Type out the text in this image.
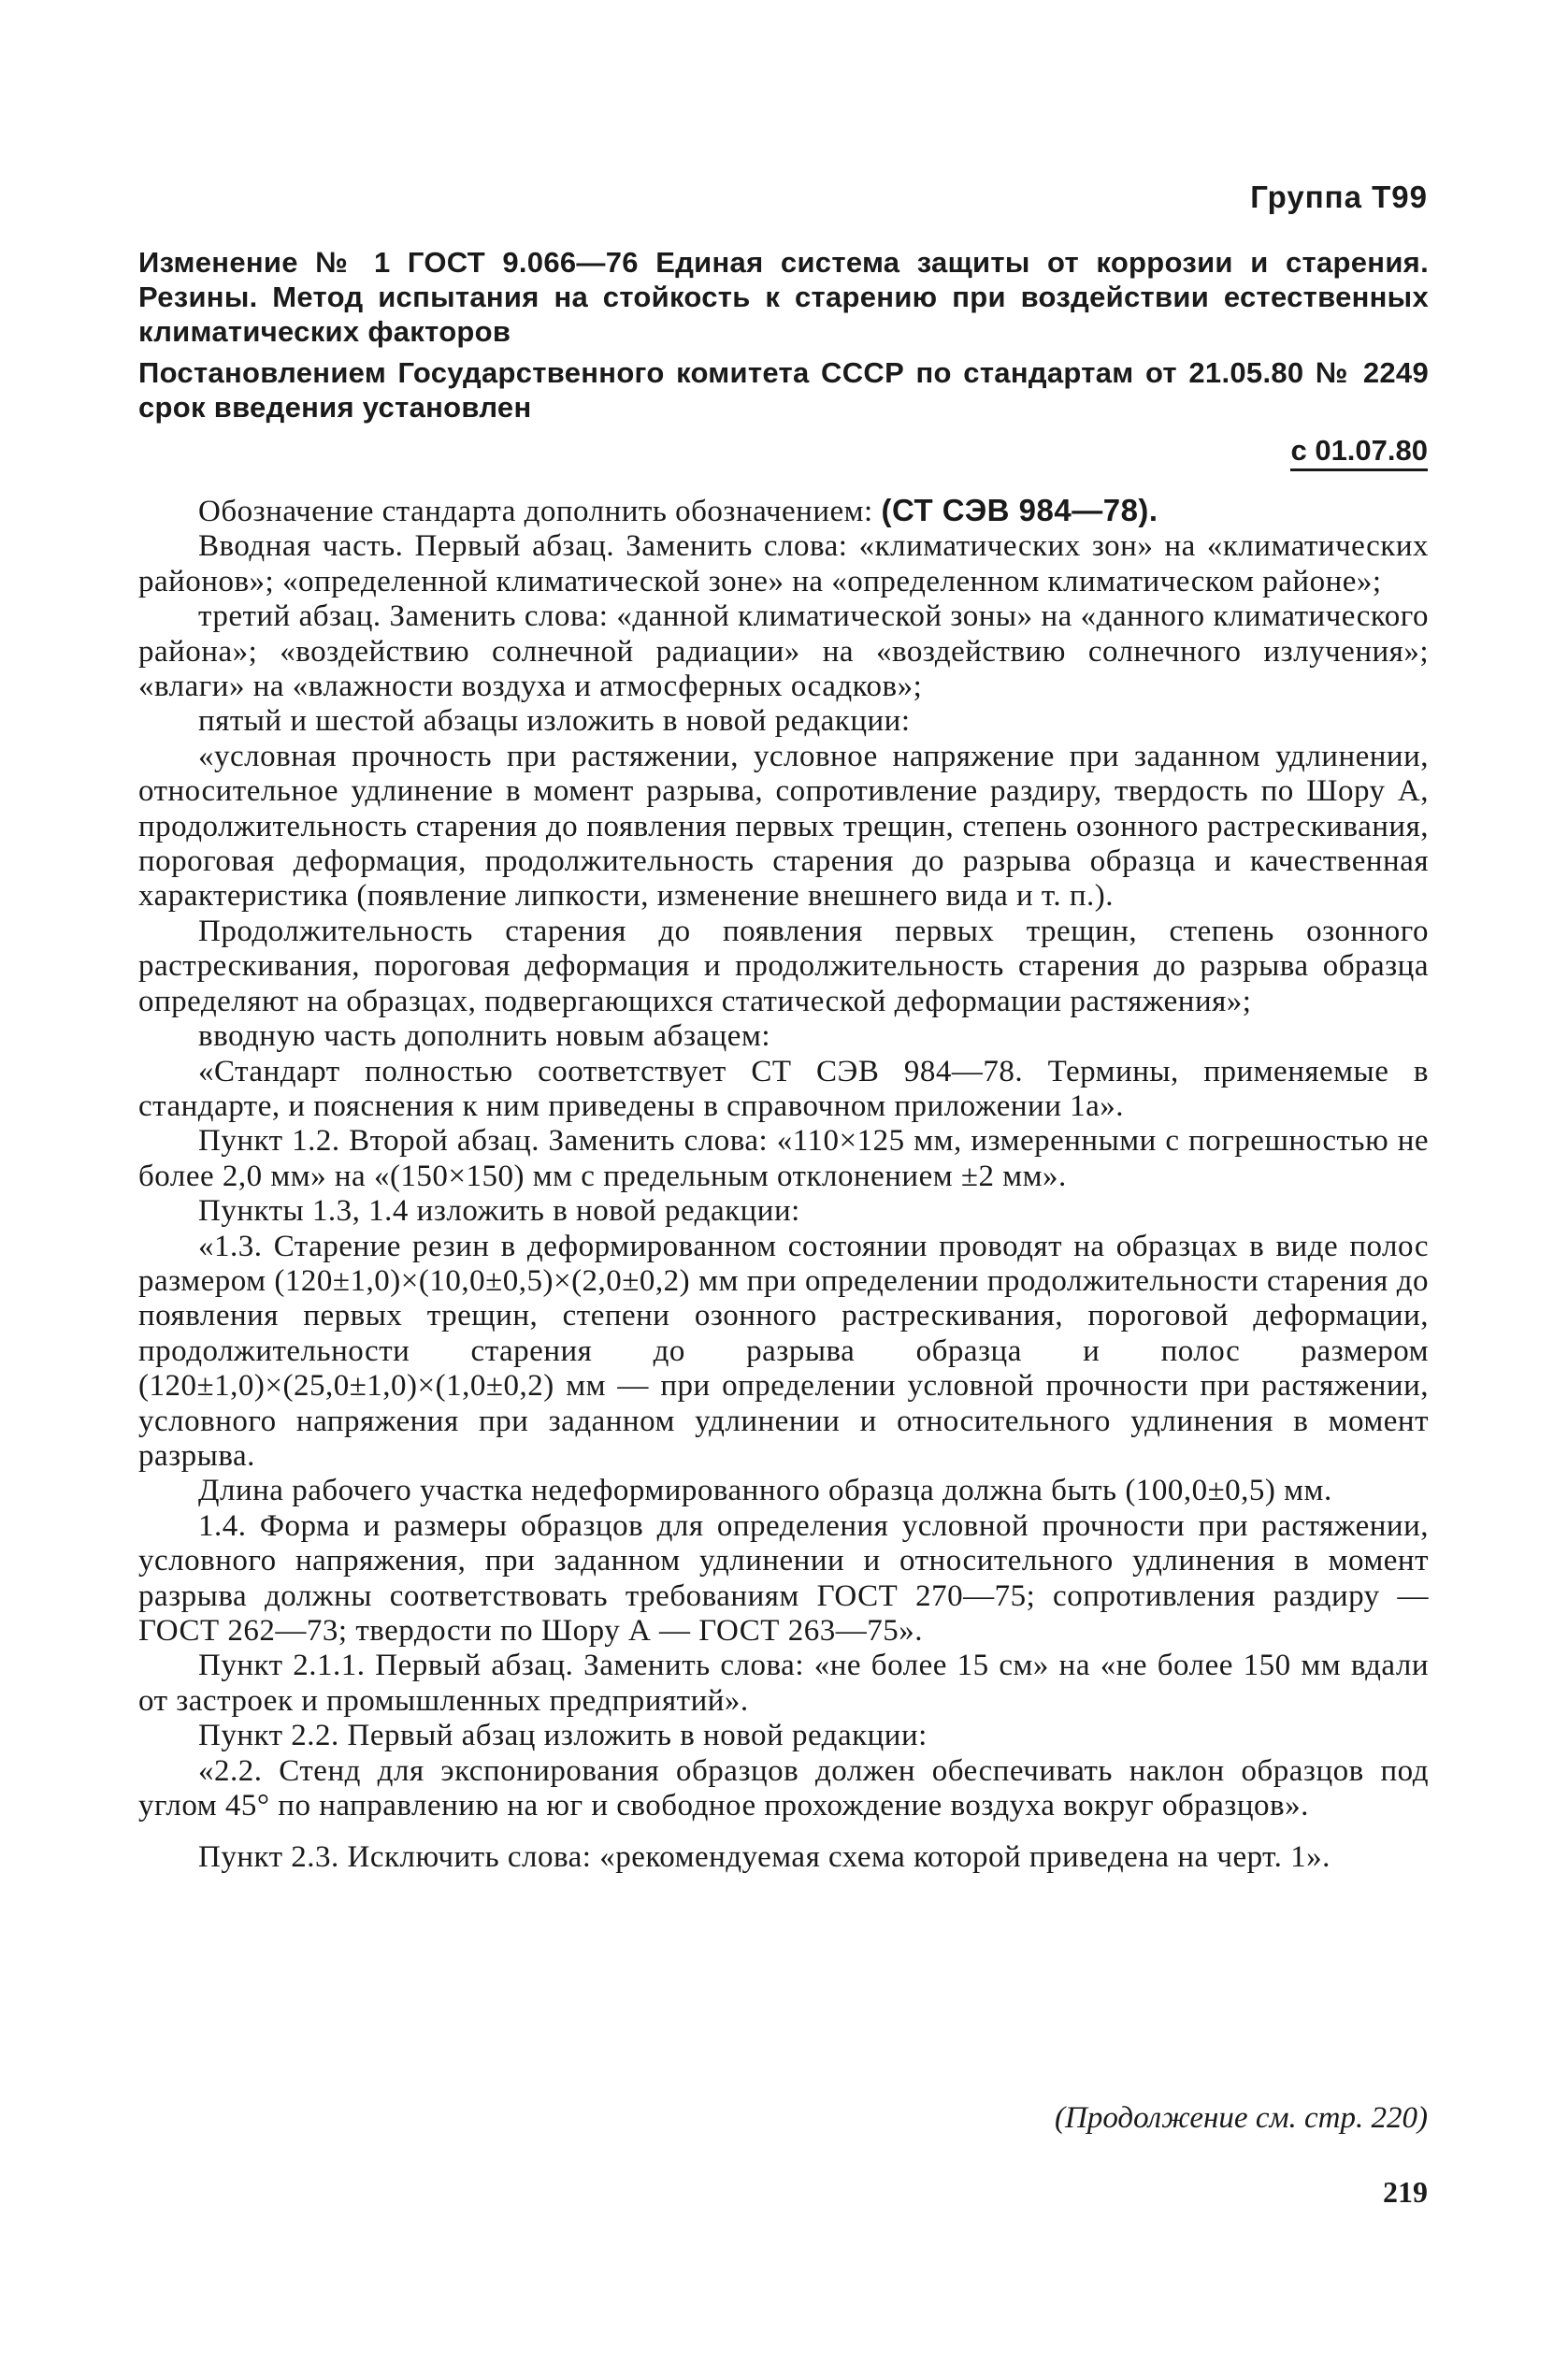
Группа Т99
Изменение № 1 ГОСТ 9.066—76 Единая система защиты от коррозии и старения. Резины. Метод испытания на стойкость к старению при воздействии естественных климатических факторов
Постановлением Государственного комитета СССР по стандартам от 21.05.80 № 2249 срок введения установлен
с 01.07.80

Обозначение стандарта дополнить обозначением: (СТ СЭВ 984—78).

Вводная часть. Первый абзац. Заменить слова: «климатических зон» на «климатических районов»; «определенной климатической зоне» на «определенном климатическом районе»;

третий абзац. Заменить слова: «данной климатической зоны» на «данного климатического района»; «воздействию солнечной радиации» на «воздействию солнечного излучения»; «влаги» на «влажности воздуха и атмосферных осадков»;

пятый и шестой абзацы изложить в новой редакции:

«условная прочность при растяжении, условное напряжение при заданном удлинении, относительное удлинение в момент разрыва, сопротивление раздиру, твердость по Шору А, продолжительность старения до появления первых трещин, степень озонного растрескивания, пороговая деформация, продолжительность старения до разрыва образца и качественная характеристика (появление липкости, изменение внешнего вида и т. п.).

Продолжительность старения до появления первых трещин, степень озонного растрескивания, пороговая деформация и продолжительность старения до разрыва образца определяют на образцах, подвергающихся статической деформации растяжения»;

вводную часть дополнить новым абзацем:

«Стандарт полностью соответствует СТ СЭВ 984—78. Термины, применяемые в стандарте, и пояснения к ним приведены в справочном приложении 1а».

Пункт 1.2. Второй абзац. Заменить слова: «110×125 мм, измеренными с погрешностью не более 2,0 мм» на «(150×150) мм с предельным отклонением ±2 мм».

Пункты 1.3, 1.4 изложить в новой редакции:

«1.3. Старение резин в деформированном состоянии проводят на образцах в виде полос размером (120±1,0)×(10,0±0,5)×(2,0±0,2) мм при определении продолжительности старения до появления первых трещин, степени озонного растрескивания, пороговой деформации, продолжительности старения до разрыва образца и полос размером (120±1,0)×(25,0±1,0)×(1,0±0,2) мм — при определении условной прочности при растяжении, условного напряжения при заданном удлинении и относительного удлинения в момент разрыва.

Длина рабочего участка недеформированного образца должна быть (100,0±0,5) мм.

1.4. Форма и размеры образцов для определения условной прочности при растяжении, условного напряжения, при заданном удлинении и относительного удлинения в момент разрыва должны соответствовать требованиям ГОСТ 270—75; сопротивления раздиру — ГОСТ 262—73; твердости по Шору А — ГОСТ 263—75».

Пункт 2.1.1. Первый абзац. Заменить слова: «не более 15 см» на «не более 150 мм вдали от застроек и промышленных предприятий».

Пункт 2.2. Первый абзац изложить в новой редакции:

«2.2. Стенд для экспонирования образцов должен обеспечивать наклон образцов под углом 45° по направлению на юг и свободное прохождение воздуха вокруг образцов».

Пункт 2.3. Исключить слова: «рекомендуемая схема которой приведена на черт. 1».

(Продолжение см. стр. 220)
219
